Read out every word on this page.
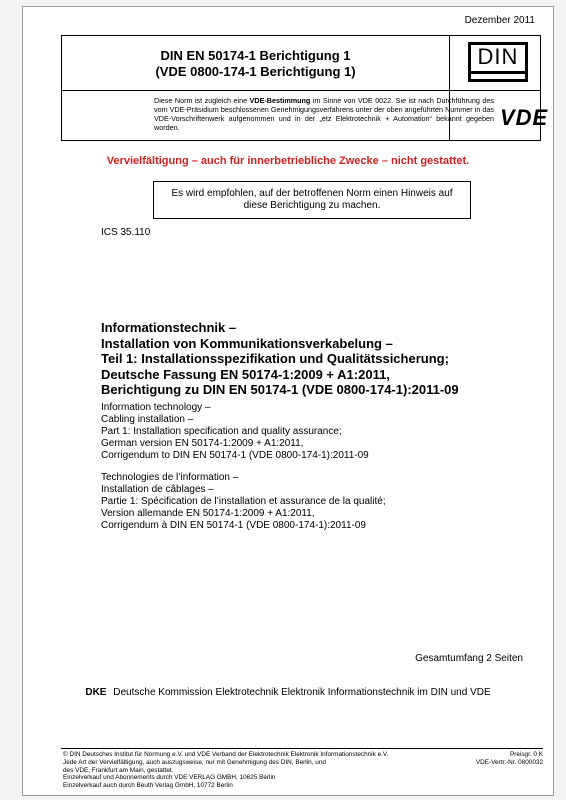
Dezember 2011
DIN EN 50174-1 Berichtigung 1
(VDE 0800-174-1 Berichtigung 1)
DIN
Diese Norm ist zugleich eine VDE-Bestimmung im Sinne von VDE 0022. Sie ist nach Durchführung des vom VDE-Präsidium beschlossenen Genehmigungsverfahrens unter der oben angeführten Nummer in das VDE-Vorschriftenwerk aufgenommen und in der „etz Elektrotechnik + Automation“ bekannt gegeben worden.	VDE
Vervielfältigung – auch für innerbetriebliche Zwecke – nicht gestattet.
Es wird empfohlen, auf der betroffenen Norm einen Hinweis auf diese Berichtigung zu machen.
ICS 35.110
Informationstechnik –
Installation von Kommunikationsverkabelung –
Teil 1: Installationsspezifikation und Qualitätssicherung;
Deutsche Fassung EN 50174-1:2009 + A1:2011,
Berichtigung zu DIN EN 50174-1 (VDE 0800-174-1):2011-09
Information technology –
Cabling installation –
Part 1: Installation specification and quality assurance;
German version EN 50174-1:2009 + A1:2011,
Corrigendum to DIN EN 50174-1 (VDE 0800-174-1):2011-09
Technologies de l’information –
Installation de câblages –
Partie 1: Spécification de l’installation et assurance de la qualité;
Version allemande EN 50174-1:2009 + A1:2011,
Corrigendum à DIN EN 50174-1 (VDE 0800-174-1):2011-09
Gesamtumfang 2 Seiten
DKE Deutsche Kommission Elektrotechnik Elektronik Informationstechnik im DIN und VDE
© DIN Deutsches Institut für Normung e.V. und VDE Verband der Elektrotechnik Elektronik Informationstechnik e.V.
Jede Art der Vervielfältigung, auch auszugsweise, nur mit Genehmigung des DIN, Berlin, und
des VDE, Frankfurt am Main, gestattet.
Einzelverkauf und Abonnements durch VDE VERLAG GMBH, 10625 Berlin
Einzelverkauf auch durch Beuth Verlag GmbH, 10772 Berlin
Preisgr. 0 K
VDE-Vertr.-Nr. 0800032
